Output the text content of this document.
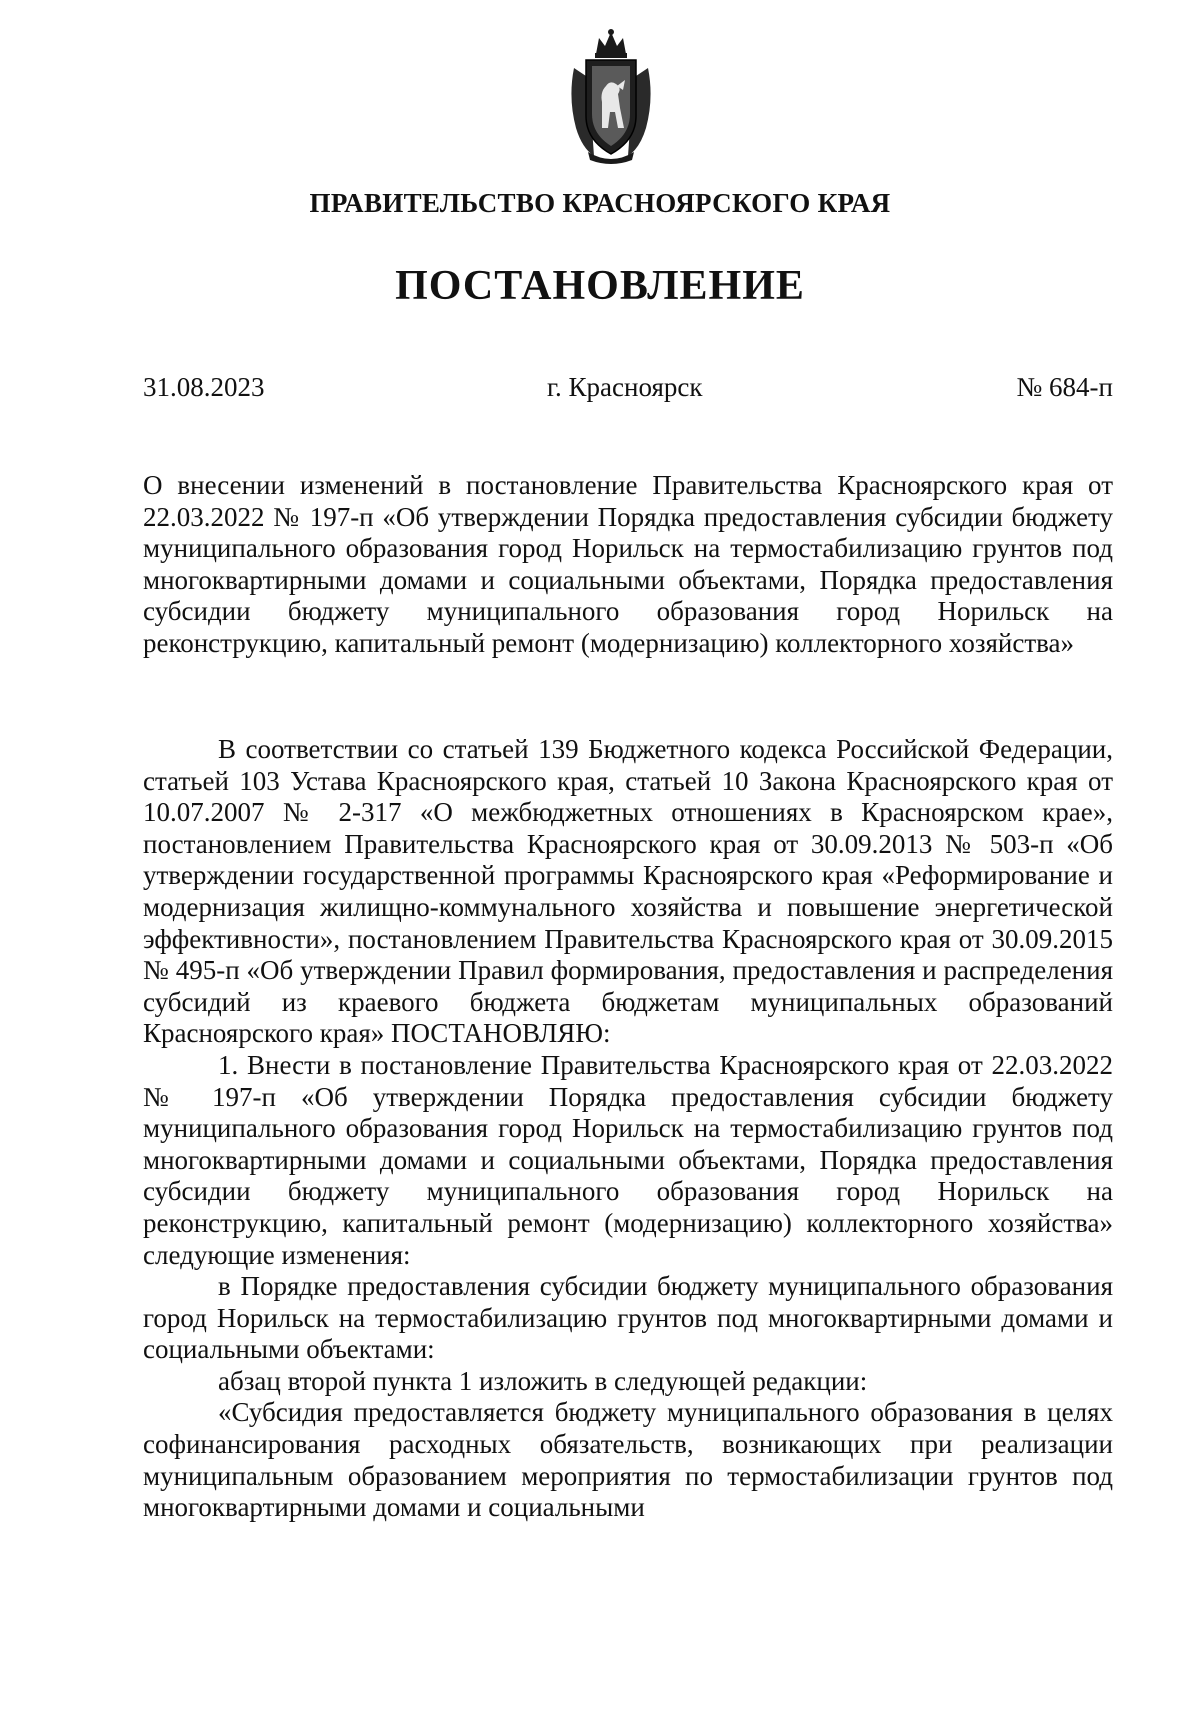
ПРАВИТЕЛЬСТВО КРАСНОЯРСКОГО КРАЯ
ПОСТАНОВЛЕНИЕ
31.08.2023	г. Красноярск	№ 684-п

О внесении изменений в постановление Правительства Красноярского края от 22.03.2022 № 197-п «Об утверждении Порядка предоставления субсидии бюджету муниципального образования город Норильск на термостабилизацию грунтов под многоквартирными домами и социальными объектами, Порядка предоставления субсидии бюджету муниципального образования город Норильск на реконструкцию, капитальный ремонт (модернизацию) коллекторного хозяйства»

В соответствии со статьей 139 Бюджетного кодекса Российской Федерации, статьей 103 Устава Красноярского края, статьей 10 Закона Красноярского края от 10.07.2007 № 2-317 «О межбюджетных отношениях в Красноярском крае», постановлением Правительства Красноярского края от 30.09.2013 № 503-п «Об утверждении государственной программы Красноярского края «Реформирование и модернизация жилищно-коммунального хозяйства и повышение энергетической эффективности», постановлением Правительства Красноярского края от 30.09.2015 № 495-п «Об утверждении Правил формирования, предоставления и распределения субсидий из краевого бюджета бюджетам муниципальных образований Красноярского края» ПОСТАНОВЛЯЮ:

1. Внести в постановление Правительства Красноярского края от 22.03.2022 № 197-п «Об утверждении Порядка предоставления субсидии бюджету муниципального образования город Норильск на термостабилизацию грунтов под многоквартирными домами и социальными объектами, Порядка предоставления субсидии бюджету муниципального образования город Норильск на реконструкцию, капитальный ремонт (модернизацию) коллекторного хозяйства» следующие изменения:

в Порядке предоставления субсидии бюджету муниципального образования город Норильск на термостабилизацию грунтов под многоквартирными домами и социальными объектами:

абзац второй пункта 1 изложить в следующей редакции:

«Субсидия предоставляется бюджету муниципального образования в целях софинансирования расходных обязательств, возникающих при реализации муниципальным образованием мероприятия по термостабилизации грунтов под многоквартирными домами и социальными
